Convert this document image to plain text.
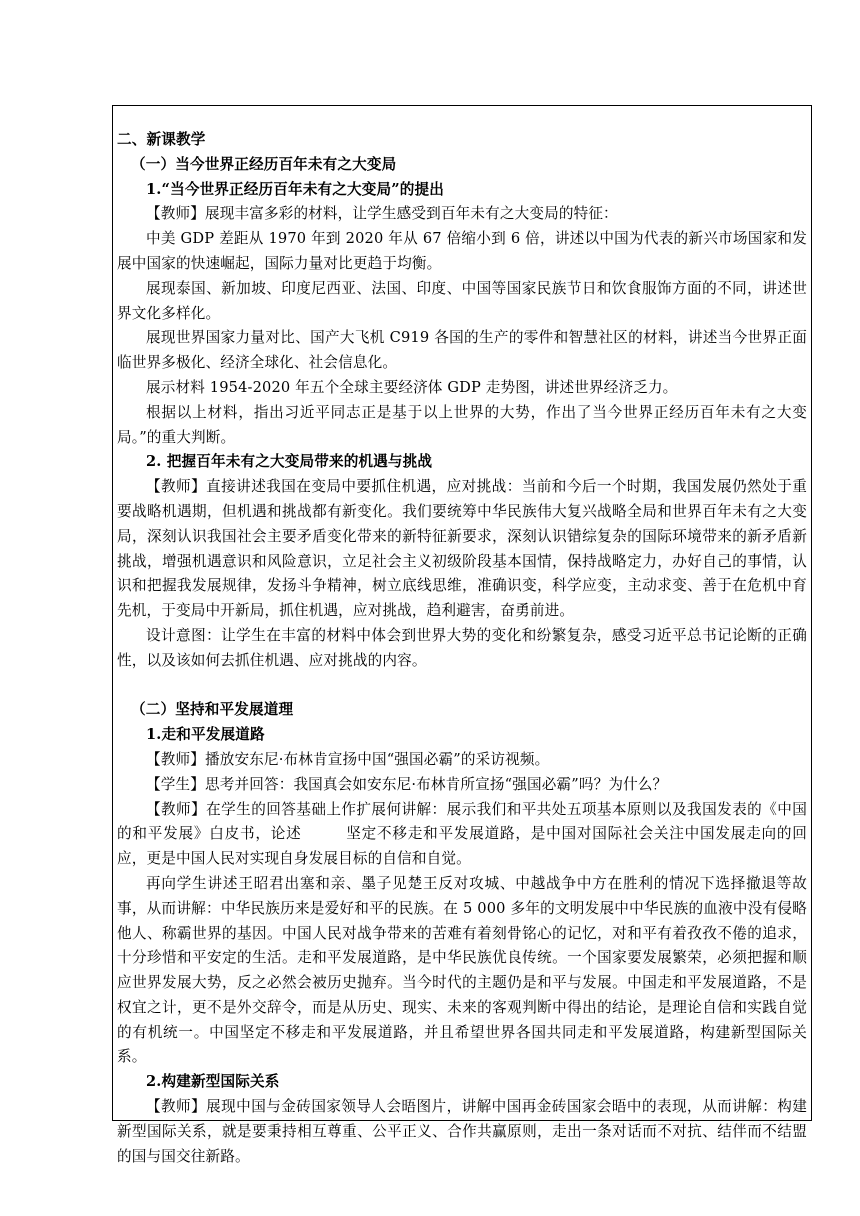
二、新课教学

（一）当今世界正经历百年未有之大变局

1.“当今世界正经历百年未有之大变局”的提出

【教师】展现丰富多彩的材料，让学生感受到百年未有之大变局的特征：

中美 GDP 差距从 1970 年到 2020 年从 67 倍缩小到 6 倍，讲述以中国为代表的新兴市场国家和发展中国家的快速崛起，国际力量对比更趋于均衡。

展现泰国、新加坡、印度尼西亚、法国、印度、中国等国家民族节日和饮食服饰方面的不同，讲述世界文化多样化。

展现世界国家力量对比、国产大飞机 C919 各国的生产的零件和智慧社区的材料，讲述当今世界正面临世界多极化、经济全球化、社会信息化。

展示材料 1954-2020 年五个全球主要经济体 GDP 走势图，讲述世界经济乏力。

根据以上材料，指出习近平同志正是基于以上世界的大势，作出了当今世界正经历百年未有之大变局。”的重大判断。

2. 把握百年未有之大变局带来的机遇与挑战

【教师】直接讲述我国在变局中要抓住机遇，应对挑战：当前和今后一个时期，我国发展仍然处于重要战略机遇期，但机遇和挑战都有新变化。我们要统筹中华民族伟大复兴战略全局和世界百年未有之大变局，深刻认识我国社会主要矛盾变化带来的新特征新要求，深刻认识错综复杂的国际环境带来的新矛盾新挑战，增强机遇意识和风险意识，立足社会主义初级阶段基本国情，保持战略定力，办好自己的事情，认识和把握我发展规律，发扬斗争精神，树立底线思维，准确识变，科学应变，主动求变、善于在危机中育先机，于变局中开新局，抓住机遇，应对挑战，趋利避害，奋勇前进。

设计意图：让学生在丰富的材料中体会到世界大势的变化和纷繁复杂，感受习近平总书记论断的正确性，以及该如何去抓住机遇、应对挑战的内容。

（二）坚持和平发展道理

1.走和平发展道路

【教师】播放安东尼·布林肯宣扬中国“强国必霸”的采访视频。

【学生】思考并回答：我国真会如安东尼·布林肯所宣扬“强国必霸”吗？为什么？

【教师】在学生的回答基础上作扩展何讲解：展示我们和平共处五项基本原则以及我国发表的《中国的和平发展》白皮书，论述	坚定不移走和平发展道路，是中国对国际社会关注中国发展走向的回应，更是中国人民对实现自身发展目标的自信和自觉。

再向学生讲述王昭君出塞和亲、墨子见楚王反对攻城、中越战争中方在胜利的情况下选择撤退等故事，从而讲解：中华民族历来是爱好和平的民族。在 5 000 多年的文明发展中中华民族的血液中没有侵略他人、称霸世界的基因。中国人民对战争带来的苦难有着刻骨铭心的记忆，对和平有着孜孜不倦的追求，十分珍惜和平安定的生活。走和平发展道路，是中华民族优良传统。一个国家要发展繁荣，必须把握和顺应世界发展大势，反之必然会被历史抛弃。当今时代的主题仍是和平与发展。中国走和平发展道路，不是权宜之计，更不是外交辞令，而是从历史、现实、未来的客观判断中得出的结论，是理论自信和实践自觉的有机统一。中国坚定不移走和平发展道路，并且希望世界各国共同走和平发展道路，构建新型国际关系。

2.构建新型国际关系

【教师】展现中国与金砖国家领导人会晤图片，讲解中国再金砖国家会晤中的表现，从而讲解：构建新型国际关系，就是要秉持相互尊重、公平正义、合作共赢原则，走出一条对话而不对抗、结伴而不结盟的国与国交往新路。
